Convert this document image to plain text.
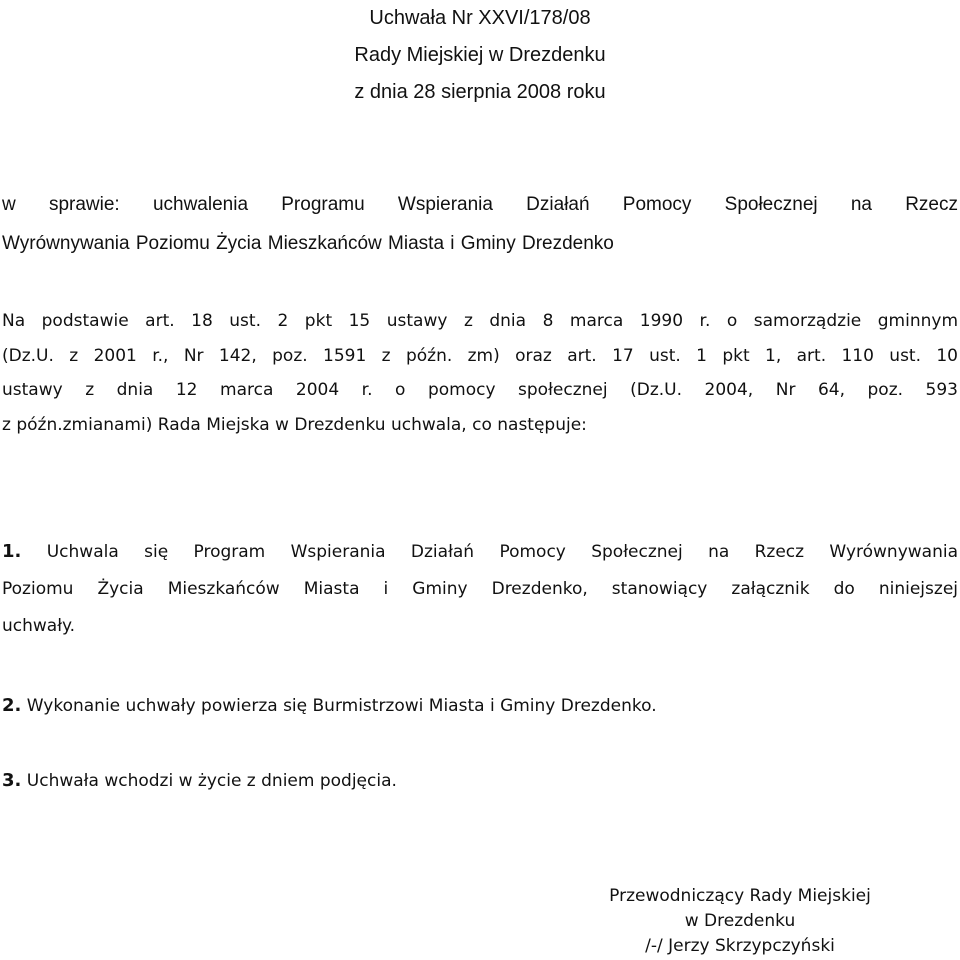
Uchwała Nr XXVI/178/08
Rady Miejskiej w Drezdenku
z dnia 28 sierpnia 2008 roku
w sprawie: uchwalenia Programu Wspierania Działań Pomocy Społecznej na Rzecz
Wyrównywania Poziomu Życia Mieszkańców Miasta i Gminy Drezdenko
Na podstawie art. 18 ust. 2 pkt 15 ustawy z dnia 8 marca 1990 r. o samorządzie gminnym
(Dz.U. z 2001 r., Nr 142, poz. 1591 z późn. zm) oraz art. 17 ust. 1 pkt 1, art. 110 ust. 10
ustawy z dnia 12 marca 2004 r. o pomocy społecznej (Dz.U. 2004, Nr 64, poz. 593
z późn.zmianami) Rada Miejska w Drezdenku uchwala, co następuje:
1. Uchwala się Program Wspierania Działań Pomocy Społecznej na Rzecz Wyrównywania
Poziomu Życia Mieszkańców Miasta i Gminy Drezdenko, stanowiący załącznik do niniejszej
uchwały.
2. Wykonanie uchwały powierza się Burmistrzowi Miasta i Gminy Drezdenko.
3. Uchwała wchodzi w życie z dniem podjęcia.
Przewodniczący Rady Miejskiej
w Drezdenku
/-/ Jerzy Skrzypczyński
